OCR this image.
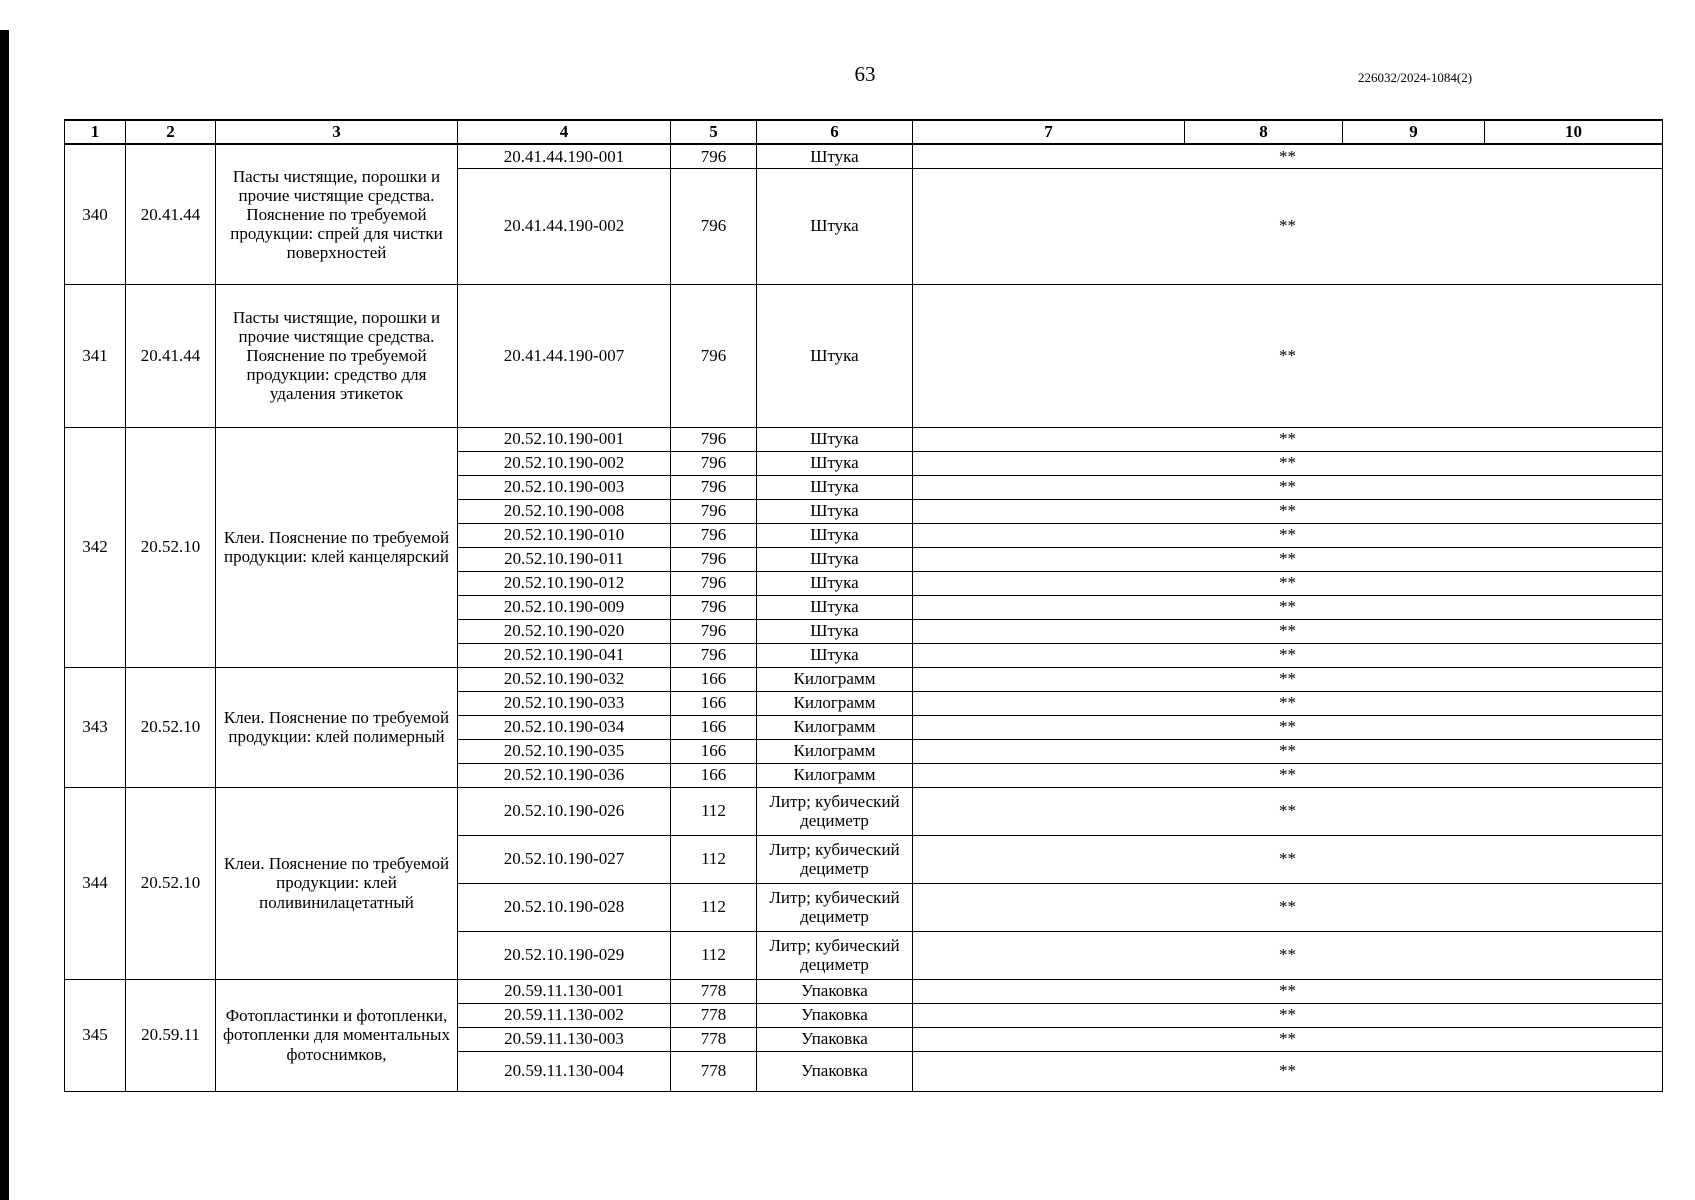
63	226032/2024-1084(2)
1	2	3	4	5	6	7	8	9	10
340	20.41.44	Пасты чистящие, порошки и прочие чистящие средства. Пояснение по требуемой продукции: спрей для чистки поверхностей	20.41.44.190-001	796	Штука	**			
			20.41.44.190-002	796	Штука	**			
341	20.41.44	Пасты чистящие, порошки и прочие чистящие средства. Пояснение по требуемой продукции: средство для удаления этикеток	20.41.44.190-007	796	Штука	**			
342	20.52.10	Клеи. Пояснение по требуемой продукции: клей канцелярский	20.52.10.190-001	796	Штука	**			
			20.52.10.190-002	796	Штука	**			
			20.52.10.190-003	796	Штука	**			
			20.52.10.190-008	796	Штука	**			
			20.52.10.190-010	796	Штука	**			
			20.52.10.190-011	796	Штука	**			
			20.52.10.190-012	796	Штука	**			
			20.52.10.190-009	796	Штука	**			
			20.52.10.190-020	796	Штука	**			
			20.52.10.190-041	796	Штука	**			
343	20.52.10	Клеи. Пояснение по требуемой продукции: клей полимерный	20.52.10.190-032	166	Килограмм	**			
			20.52.10.190-033	166	Килограмм	**			
			20.52.10.190-034	166	Килограмм	**			
			20.52.10.190-035	166	Килограмм	**			
			20.52.10.190-036	166	Килограмм	**			
344	20.52.10	Клеи. Пояснение по требуемой продукции: клей поливинилацетатный	20.52.10.190-026	112	Литр; кубический дециметр	**			
			20.52.10.190-027	112	Литр; кубический дециметр	**			
			20.52.10.190-028	112	Литр; кубический дециметр	**			
			20.52.10.190-029	112	Литр; кубический дециметр	**			
345	20.59.11	Фотопластинки и фотопленки, фотопленки для моментальных фотоснимков,	20.59.11.130-001	778	Упаковка	**			
			20.59.11.130-002	778	Упаковка	**			
			20.59.11.130-003	778	Упаковка	**			
			20.59.11.130-004	778	Упаковка	**			
